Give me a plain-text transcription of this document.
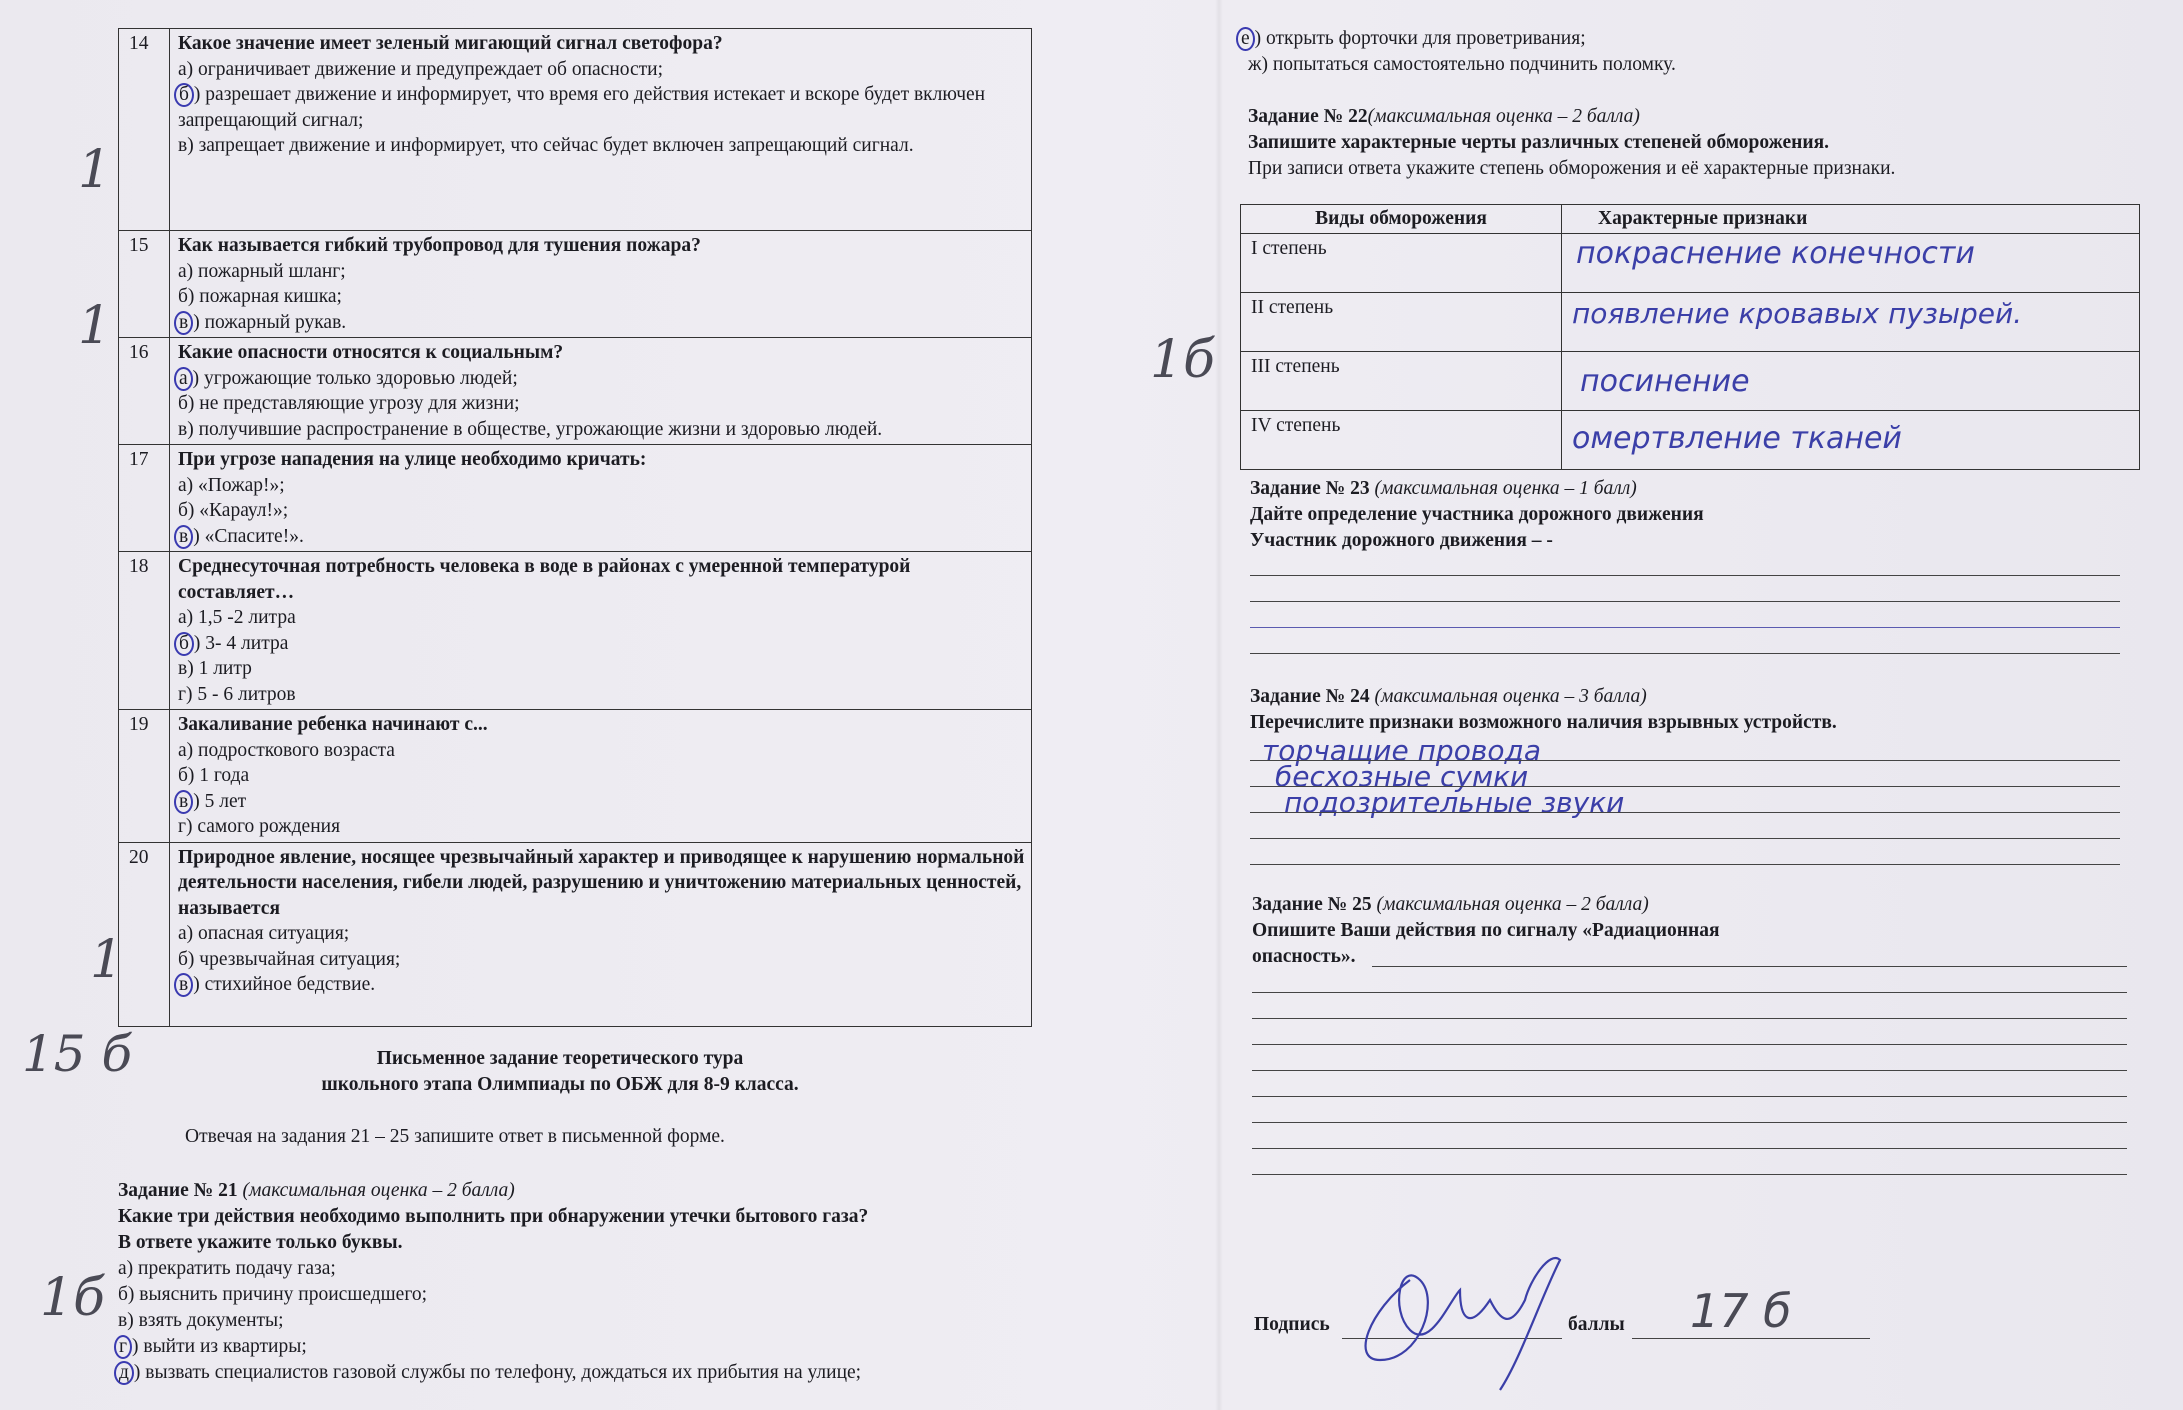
14	Какое значение имеет зеленый мигающий сигнал светофора?
а) ограничивает движение и предупреждает об опасности;
б ) разрешает движение и информирует, что время его действия истекает и вскоре будет включен запрещающий сигнал;
в) запрещает движение и информирует, что сейчас будет включен запрещающий сигнал.

15	Как называется гибкий трубопровод для тушения пожара?
а) пожарный шланг;
б) пожарная кишка;
в ) пожарный рукав.

16	Какие опасности относятся к социальным?
а ) угрожающие только здоровью людей;
б) не представляющие угрозу для жизни;
в) получившие распространение в обществе, угрожающие жизни и здоровью людей.

17	При угрозе нападения на улице необходимо кричать:
а) «Пожар!»;
б) «Караул!»;
в ) «Спасите!».

18	Среднесуточная потребность человека в воде в районах с умеренной температурой составляет…
а) 1,5 -2 литра
б ) 3- 4 литра
в) 1 литр
г) 5 - 6 литров

19	Закаливание ребенка начинают с...
а) подросткового возраста
б) 1 года
в ) 5 лет
г) самого рождения

20	Природное явление, носящее чрезвычайный характер и приводящее к нарушению нормальной деятельности населения, гибели людей, разрушению и уничтожению материальных ценностей, называется
а) опасная ситуация;
б) чрезвычайная ситуация;
в ) стихийное бедствие.
1
1
1
15 б
1б
1б
Письменное задание теоретического тура
школьного этапа Олимпиады по ОБЖ для 8-9 класса.
Отвечая на задания 21 – 25 запишите ответ в письменной форме.
Задание № 21 (максимальная оценка – 2 балла)
Какие три действия необходимо выполнить при обнаружении утечки бытового газа?
В ответе укажите только буквы.
а) прекратить подачу газа;
б) выяснить причину происшедшего;
в) взять документы;
г ) выйти из квартиры;
д ) вызвать специалистов газовой службы по телефону, дождаться их прибытия на улице;
е ) открыть форточки для проветривания;
ж) попытаться самостоятельно подчинить поломку.
Задание № 22(максимальная оценка – 2 балла)
Запишите характерные черты различных степеней обморожения.
При записи ответа укажите степень обморожения и её характерные признаки.
Виды обморожения	Характерные признаки
I степень	покраснение конечности

II степень	появление кровавых пузырей.

III степень	посинение

IV степень	омертвление тканей
Задание № 23 (максимальная оценка – 1 балл)
Дайте определение участника дорожного движения
Участник дорожного движения – -
Задание № 24 (максимальная оценка – 3 балла)
Перечислите признаки возможного наличия взрывных устройств.
торчащие провода
бесхозные сумки
подозрительные звуки
Задание № 25 (максимальная оценка – 2 балла)
Опишите Ваши действия по сигналу «Радиационная
опасность».
Подпись	баллы 17 б
